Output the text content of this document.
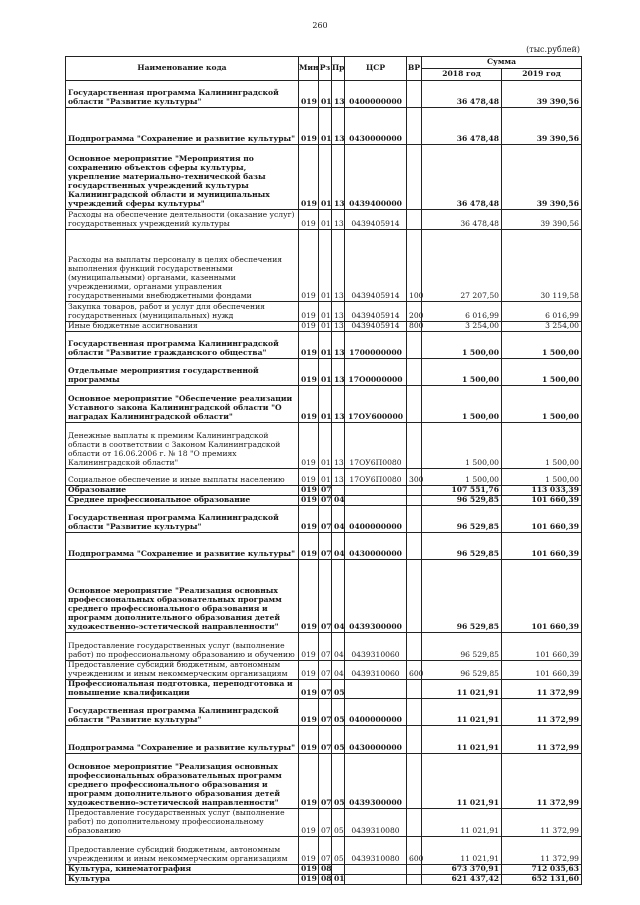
260
(тыс.рублей)
Наименование кода	Мин	Рз	Пр	ЦСР	ВР	Сумма	
						2018 год	2019 год
Государственная программа Калининградской области "Развитие культуры"	019	01	13	0400000000		36 478,48	39 390,56
Подпрограмма "Сохранение и развитие культуры"	019	01	13	0430000000		36 478,48	39 390,56
Основное мероприятие "Мероприятия по сохранению объектов сферы культуры, укрепление материально-технической базы государственных учреждений культуры Калининградской области и муниципальных учреждений сферы культуры"	019	01	13	0439400000		36 478,48	39 390,56
Расходы на обеспечение деятельности (оказание услуг) государственных учреждений культуры	019	01	13	0439405914		36 478,48	39 390,56
Расходы на выплаты персоналу в целях обеспечения выполнения функций государственными (муниципальными) органами, казенными учреждениями, органами управления государственными внебюджетными фондами	019	01	13	0439405914	100	27 207,50	30 119,58
Закупка товаров, работ и услуг для обеспечения государственных (муниципальных) нужд	019	01	13	0439405914	200	6 016,99	6 016,99
Иные бюджетные ассигнования	019	01	13	0439405914	800	3 254,00	3 254,00
Государственная программа Калининградской области "Развитие гражданского общества"	019	01	13	1700000000		1 500,00	1 500,00
Отдельные мероприятия государственной программы	019	01	13	17О0000000		1 500,00	1 500,00
Основное мероприятие "Обеспечение реализации Уставного закона Калининградской области "О наградах Калининградской области"	019	01	13	17ОУ600000		1 500,00	1 500,00
Денежные выплаты к премиям Калининградской области в соответствии с Законом Калининградской области от 16.06.2006 г. № 18 "О премиях Калининградской области"	019	01	13	17ОУ6П0080		1 500,00	1 500,00
Социальное обеспечение и иные выплаты населению	019	01	13	17ОУ6П0080	300	1 500,00	1 500,00
Образование	019	07				107 551,76	113 033,39
Среднее профессиональное образование	019	07	04			96 529,85	101 660,39
Государственная программа Калининградской области "Развитие культуры"	019	07	04	0400000000		96 529,85	101 660,39
Подпрограмма "Сохранение и развитие культуры"	019	07	04	0430000000		96 529,85	101 660,39
Основное мероприятие "Реализация основных профессиональных образовательных программ среднего профессионального образования и программ дополнительного образования детей художественно-эстетической направленности"	019	07	04	0439300000		96 529,85	101 660,39
Предоставление государственных услуг (выполнение работ) по профессиональному образованию и обучению	019	07	04	0439310060		96 529,85	101 660,39
Предоставление субсидий бюджетным, автономным учреждениям и иным некоммерческим организациям	019	07	04	0439310060	600	96 529,85	101 660,39
Профессиональная подготовка, переподготовка и повышение квалификации	019	07	05			11 021,91	11 372,99
Государственная программа Калининградской области "Развитие культуры"	019	07	05	0400000000		11 021,91	11 372,99
Подпрограмма "Сохранение и развитие культуры"	019	07	05	0430000000		11 021,91	11 372,99
Основное мероприятие "Реализация основных профессиональных образовательных программ среднего профессионального образования и программ дополнительного образования детей художественно-эстетической направленности"	019	07	05	0439300000		11 021,91	11 372,99
Предоставление государственных услуг (выполнение работ) по дополнительному профессиональному образованию	019	07	05	0439310080		11 021,91	11 372,99
Предоставление субсидий бюджетным, автономным учреждениям и иным некоммерческим организациям	019	07	05	0439310080	600	11 021,91	11 372,99
Культура, кинематография	019	08				673 370,91	712 035,63
Культура	019	08	01			621 437,42	652 131,60
